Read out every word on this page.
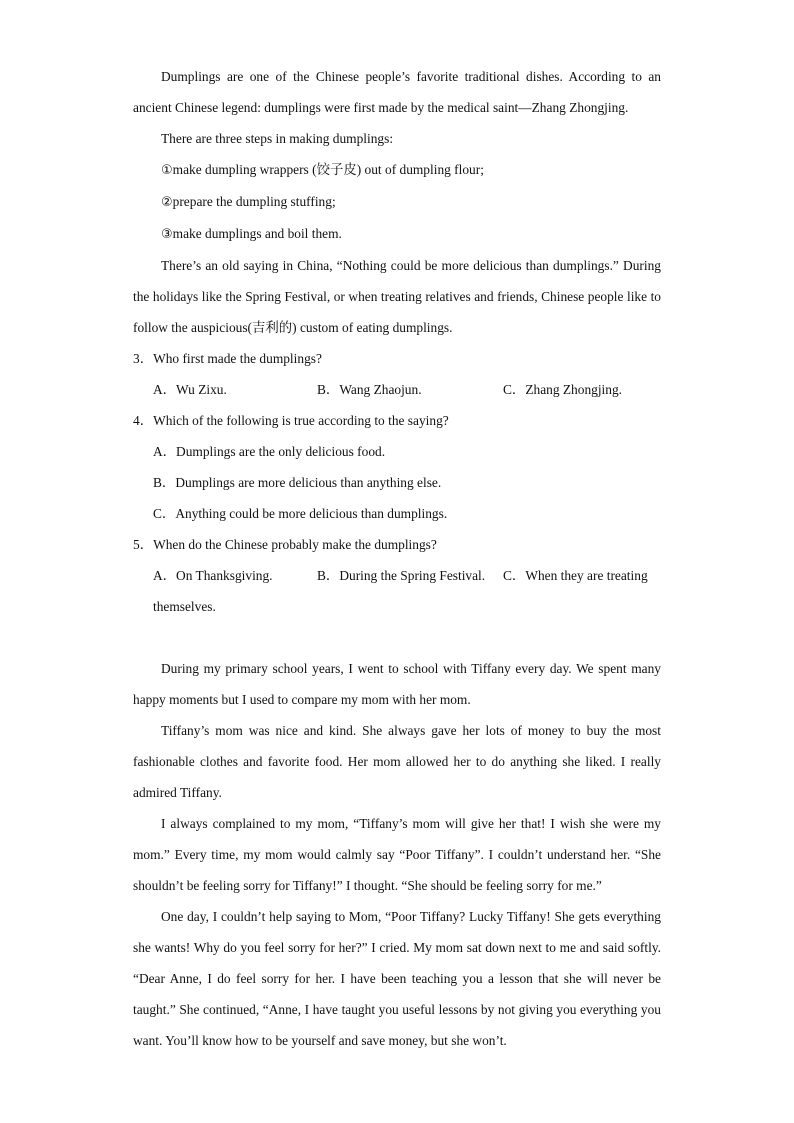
Dumplings are one of the Chinese people’s favorite traditional dishes. According to an ancient Chinese legend: dumplings were first made by the medical saint—Zhang Zhongjing.

There are three steps in making dumplings:

①make dumpling wrappers (饺子皮) out of dumpling flour;
②prepare the dumpling stuffing;
③make dumplings and boil them.

There’s an old saying in China, “Nothing could be more delicious than dumplings.” During the holidays like the Spring Festival, or when treating relatives and friends, Chinese people like to follow the auspicious(吉利的) custom of eating dumplings.

3．Who first made the dumplings?
A．Wu Zixu.	B．Wang Zhaojun.	C．Zhang Zhongjing.
4．Which of the following is true according to the saying?
A．Dumplings are the only delicious food.
B．Dumplings are more delicious than anything else.
C．Anything could be more delicious than dumplings.
5．When do the Chinese probably make the dumplings?
A．On Thanksgiving.	B．During the Spring Festival.	C．When they are treating
themselves.

During my primary school years, I went to school with Tiffany every day. We spent many happy moments but I used to compare my mom with her mom.

Tiffany’s mom was nice and kind. She always gave her lots of money to buy the most fashionable clothes and favorite food. Her mom allowed her to do anything she liked. I really admired Tiffany.

I always complained to my mom, “Tiffany’s mom will give her that! I wish she were my mom.” Every time, my mom would calmly say “Poor Tiffany”. I couldn’t understand her. “She shouldn’t be feeling sorry for Tiffany!” I thought. “She should be feeling sorry for me.”

One day, I couldn’t help saying to Mom, “Poor Tiffany? Lucky Tiffany! She gets everything she wants! Why do you feel sorry for her?” I cried. My mom sat down next to me and said softly. “Dear Anne, I do feel sorry for her. I have been teaching you a lesson that she will never be taught.” She continued, “Anne, I have taught you useful lessons by not giving you everything you want. You’ll know how to be yourself and save money, but she won’t.
